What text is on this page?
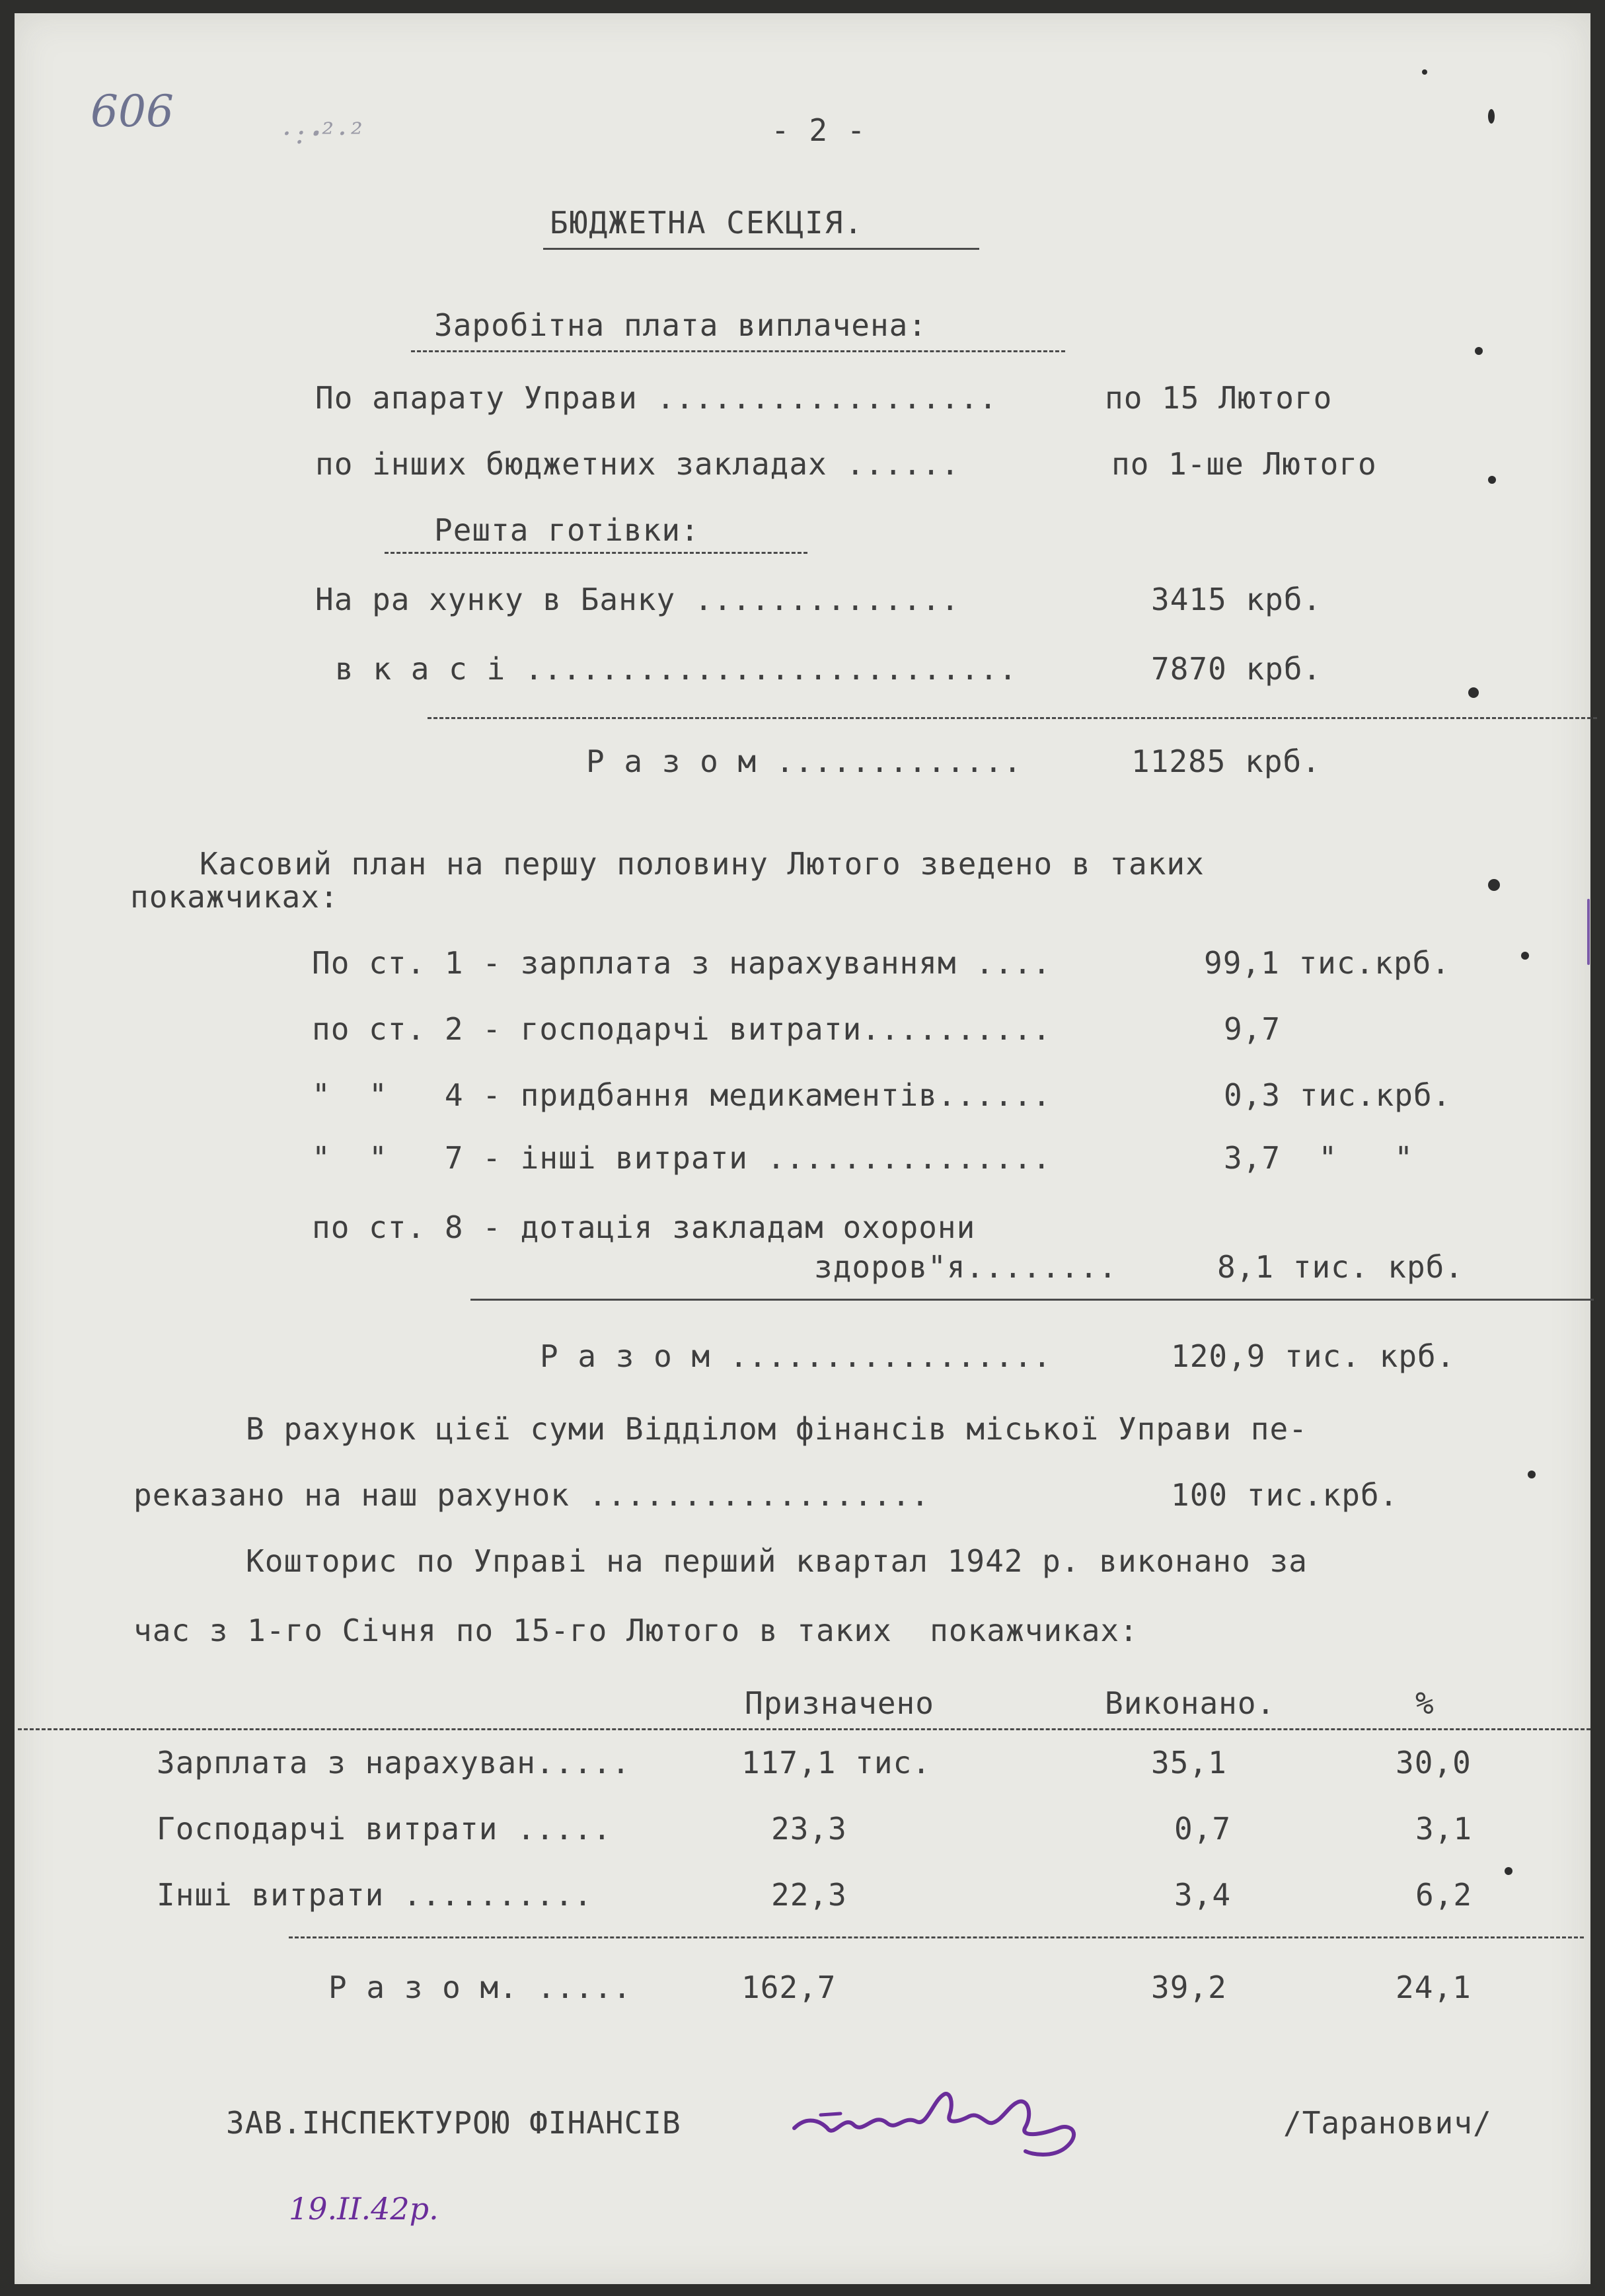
606	·:ꞏ²·²	- 2 -
БЮДЖЕТНА СЕКЦІЯ.
Заробітна плата виплачена:
По апарату Управи ..................	по 15 Лютого
по інших бюджетних закладах ......	по 1-ше Лютого
Решта готівки:
На ра хунку в Банку ..............	3415 крб.
в к а с і ..........................	7870 крб.
Р а з о м .............	11285 крб.
Касовий план на першу половину Лютого зведено в таких
покажчиках:
По ст. 1 - зарплата з нарахуванням ....	99,1 тис.крб.
по ст. 2 - господарчі витрати..........	9,7
"  "   4 - придбання медикаментів......	0,3 тис.крб.
"  "   7 - інші витрати ...............	3,7  "   "
по ст. 8 - дотація закладам охорони
здоров"я........	8,1 тис. крб.
Р а з о м .................	120,9 тис. крб.
В рахунок цієї суми Відділом фінансів міської Управи пе-
реказано на наш рахунок ..................	100 тис.крб.
Кошторис по Управі на перший квартал 1942 р. виконано за
час з 1-го Січня по 15-го Лютого в таких  покажчиках:
Призначено	Виконано.	%
Зарплата з нарахуван.....	117,1 тис.	35,1	30,0
Господарчі витрати .....	23,3	0,7	3,1
Інші витрати ..........	22,3	3,4	6,2
Р а з о м. .....	162,7	39,2	24,1
ЗАВ.ІНСПЕКТУРОЮ ФІНАНСІВ	/Таранович/
19.ІІ.42р.
